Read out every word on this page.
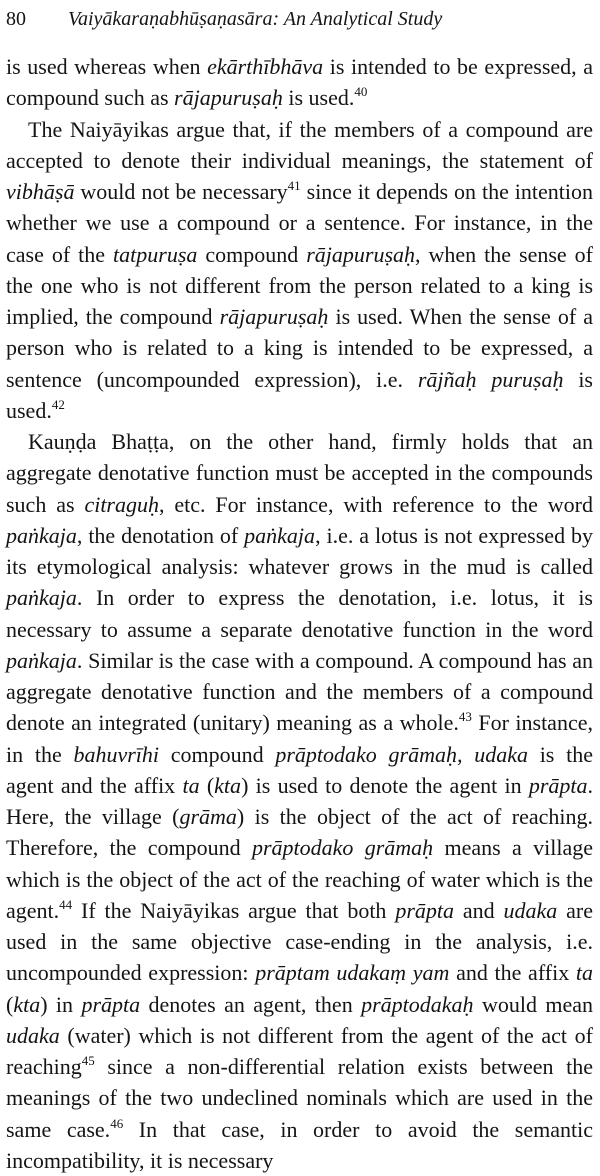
80 Vaiyākaraṇabhūṣaṇasāra: An Analytical Study

is used whereas when ekārthībhāva is intended to be expressed, a compound such as rājapuruṣaḥ is used.$^{40}$

The Naiyāyikas argue that, if the members of a compound are accepted to denote their individual meanings, the statement of vibhāṣā would not be necessary$^{41}$ since it depends on the intention whether we use a compound or a sentence. For instance, in the case of the tatpuruṣa compound rājapuruṣaḥ, when the sense of the one who is not different from the person related to a king is implied, the compound rājapuruṣaḥ is used. When the sense of a person who is related to a king is intended to be expressed, a sentence (uncompounded expression), i.e. rājñaḥ puruṣaḥ is used.$^{42}$

Kauṇḍa Bhaṭṭa, on the other hand, firmly holds that an aggregate denotative function must be accepted in the compounds such as citraguḥ, etc. For instance, with reference to the word paṅkaja, the denotation of paṅkaja, i.e. a lotus is not expressed by its etymological analysis: whatever grows in the mud is called paṅkaja. In order to express the denotation, i.e. lotus, it is necessary to assume a separate denotative function in the word paṅkaja. Similar is the case with a compound. A compound has an aggregate denotative function and the members of a compound denote an integrated (unitary) meaning as a whole.$^{43}$ For instance, in the bahuvrīhi compound prāptodako grāmaḥ, udaka is the agent and the affix ta (kta) is used to denote the agent in prāpta. Here, the village (grāma) is the object of the act of reaching. Therefore, the compound prāptodako grāmaḥ means a village which is the object of the act of the reaching of water which is the agent.$^{44}$ If the Naiyāyikas argue that both prāpta and udaka are used in the same objective case-ending in the analysis, i.e. uncompounded expression: prāptam udakaṃ yam and the affix ta (kta) in prāpta denotes an agent, then prāptodakaḥ would mean udaka (water) which is not different from the agent of the act of reaching$^{45}$ since a non-differential relation exists between the meanings of the two undeclined nominals which are used in the same case.$^{46}$ In that case, in order to avoid the semantic incompatibility, it is necessary
